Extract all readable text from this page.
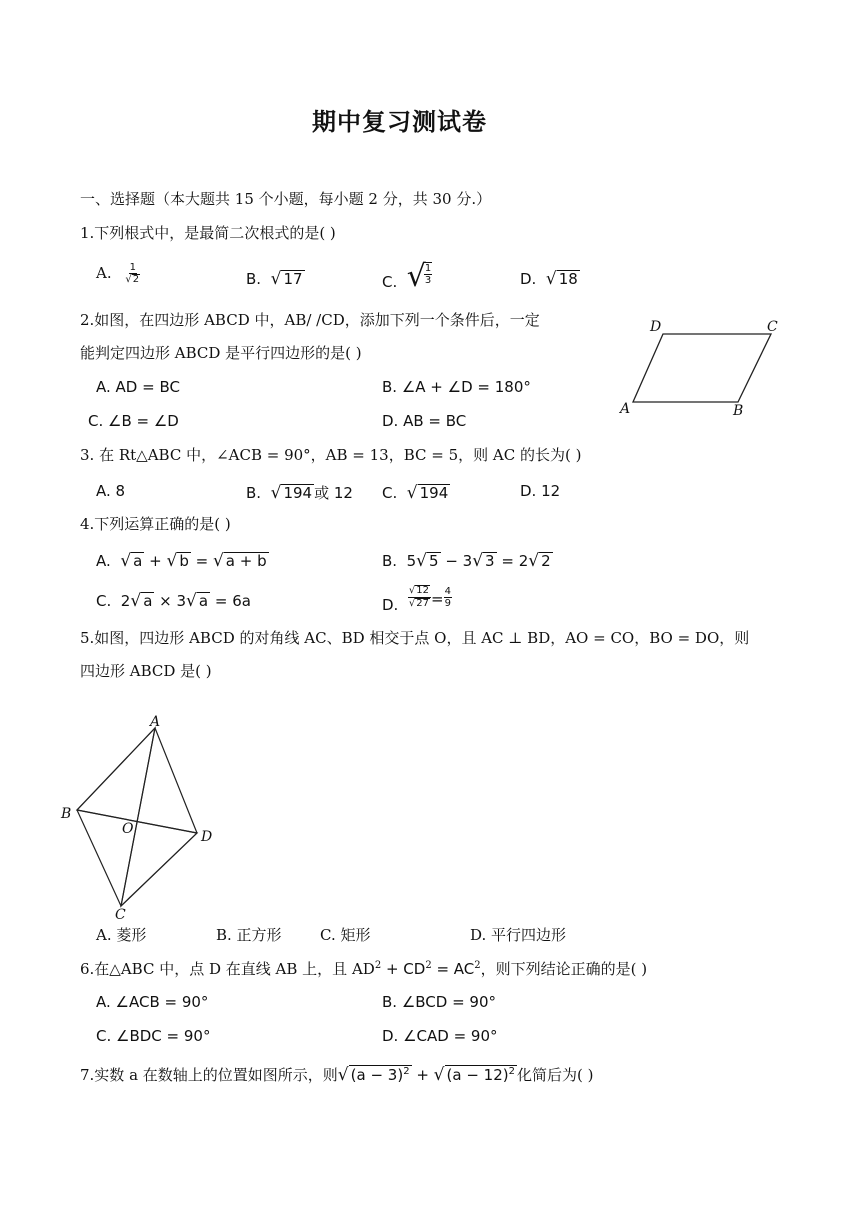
期中复习测试卷
一、选择题（本大题共 15 个小题，每小题 2 分，共 30 分.）
1.下列根式中，是最简二次根式的是( )
A. $\frac{1}{√2}$	B. √ 17	C. √
$\frac{1}{3}$	D. √ 18
2.如图，在四边形 ABCD 中，AB/ /CD，添加下列一个条件后，一定
能判定四边形 ABCD 是平行四边形的是( )
A. AD = BC	B. ∠A + ∠D = 180°
C. ∠B = ∠D	D. AB = BC
D	C
A	B
3. 在 Rt△ABC 中，∠ACB = 90°，AB = 13，BC = 5，则 AC 的长为( )
A. 8	B. √ 194 或 12 C. √ 194	D. 12
4.下列运算正确的是( )
A. √ a + √ b = √ a + b	B. 5√ 5 − 3√ 3 = 2√ 2
C. 2√ a × 3√ a = 6a	D. $\frac{√12}{√27} = \frac{4}{9}$
5.如图，四边形 ABCD 的对角线 AC、BD 相交于点 O，且 AC ⊥ BD，AO = CO，BO = DO，则
四边形 ABCD 是( )
A
B
O	D
C
A. 菱形	B. 正方形	C. 矩形	D. 平行四边形
6.在△ABC 中，点 D 在直线 AB 上，且 $AD^2 + CD^2 = AC^2$，则下列结论正确的是( )
A. ∠ACB = 90°	B. ∠BCD = 90°
C. ∠BDC = 90°	D. ∠CAD = 90°
7.实数 a 在数轴上的位置如图所示，则√ $(a - 3)^2$ + √ $(a - 12)^2$ 化简后为( )
